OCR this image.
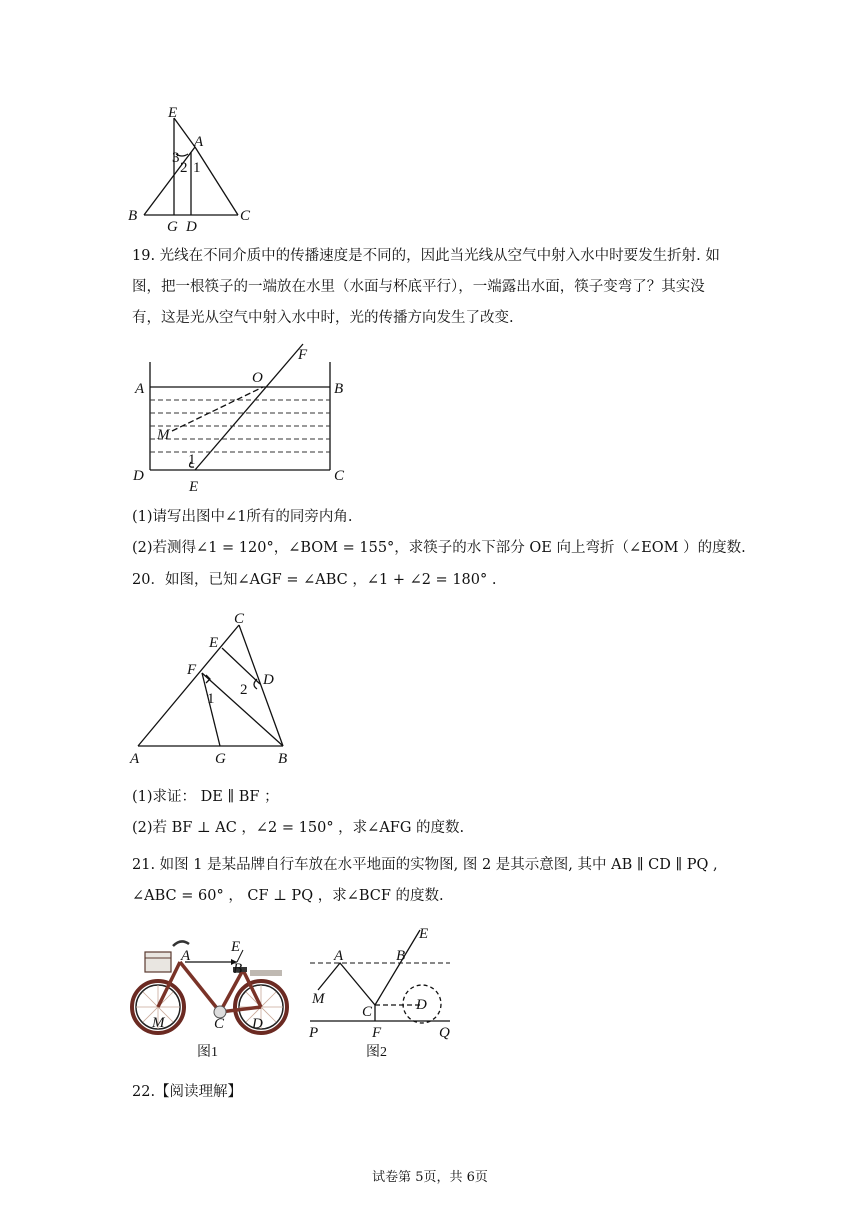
E
A
B	C
G D
3
2 1

19. 光线在不同介质中的传播速度是不同的，因此当光线从空气中射入水中时要发生折射. 如

图，把一根筷子的一端放在水里（水面与杯底平行），一端露出水面，筷子变弯了？其实没

有，这是光从空气中射入水中时，光的传播方向发生了改变.

F
A
O
B
M
1
D	C
E

(1)请写出图中∠1所有的同旁内角.

(2)若测得∠1 = 120°，∠BOM = 155°，求筷子的水下部分 OE 向上弯折（∠EOM ）的度数.

20．如图，已知∠AGF = ∠ABC ，∠1 + ∠2 = 180° .

C
E
F
D
2
1
A	G	B

(1)求证： DE ∥ BF ；

(2)若 BF ⊥ AC ，∠2 = 150° ，求∠AFG 的度数.

21. 如图 1 是某品牌自行车放在水平地面的实物图, 图 2 是其示意图, 其中 AB ∥ CD ∥ PQ ,

∠ABC = 60° ， CF ⊥ PQ ，求∠BCF 的度数.

A
E
B
M	C D
图1
E
A	B
M
C	D
P	F	Q
图2

22.【阅读理解】

试卷第 5页，共 6页
